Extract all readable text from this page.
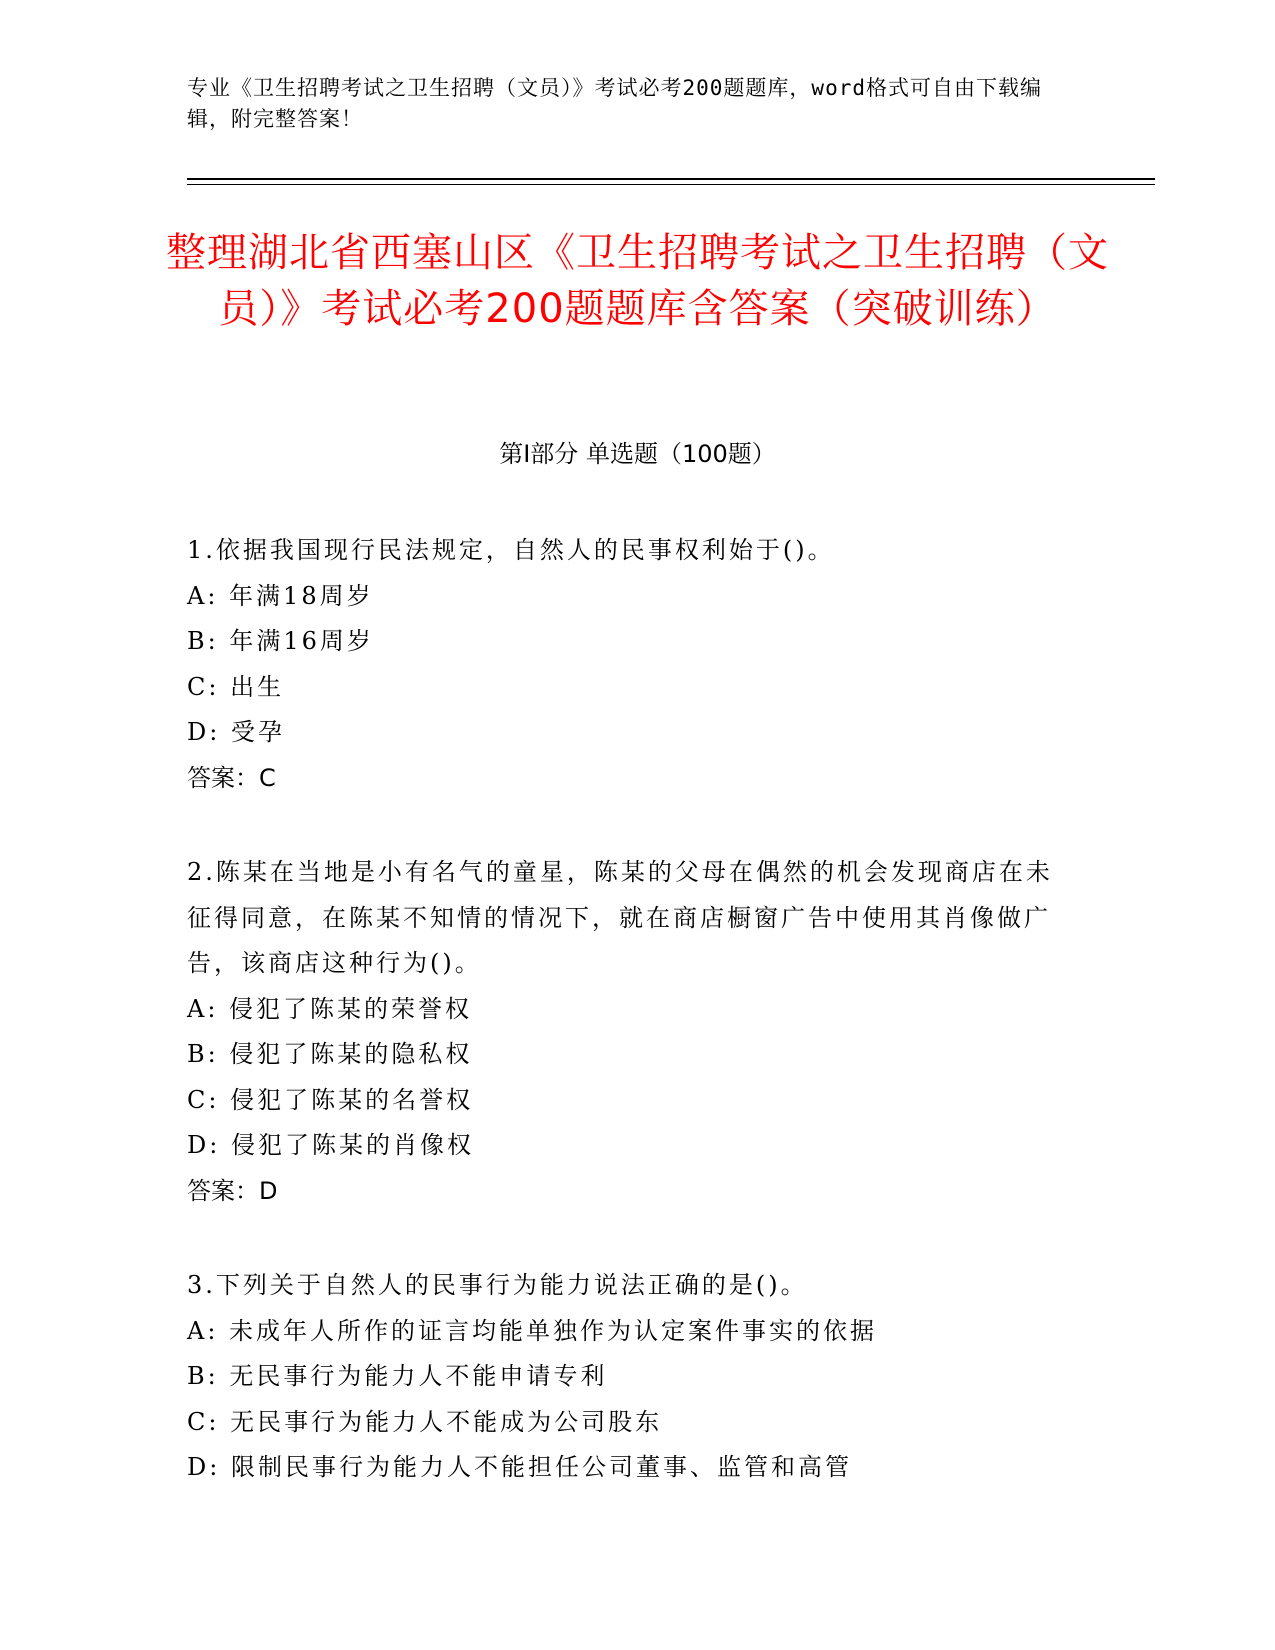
专业《卫生招聘考试之卫生招聘（文员）》考试必考200题题库，word格式可自由下载编辑，附完整答案！
整理湖北省西塞山区《卫生招聘考试之卫生招聘（文员）》考试必考200题题库含答案（突破训练）
第Ⅰ部分 单选题（100题）
1.依据我国现行民法规定，自然人的民事权利始于()。
A: 年满18周岁
B: 年满16周岁
C: 出生
D: 受孕
答案：C
2.陈某在当地是小有名气的童星，陈某的父母在偶然的机会发现商店在未征得同意，在陈某不知情的情况下，就在商店橱窗广告中使用其肖像做广告，该商店这种行为()。
A: 侵犯了陈某的荣誉权
B: 侵犯了陈某的隐私权
C: 侵犯了陈某的名誉权
D: 侵犯了陈某的肖像权
答案：D
3.下列关于自然人的民事行为能力说法正确的是()。
A: 未成年人所作的证言均能单独作为认定案件事实的依据
B: 无民事行为能力人不能申请专利
C: 无民事行为能力人不能成为公司股东
D: 限制民事行为能力人不能担任公司董事、监管和高管
